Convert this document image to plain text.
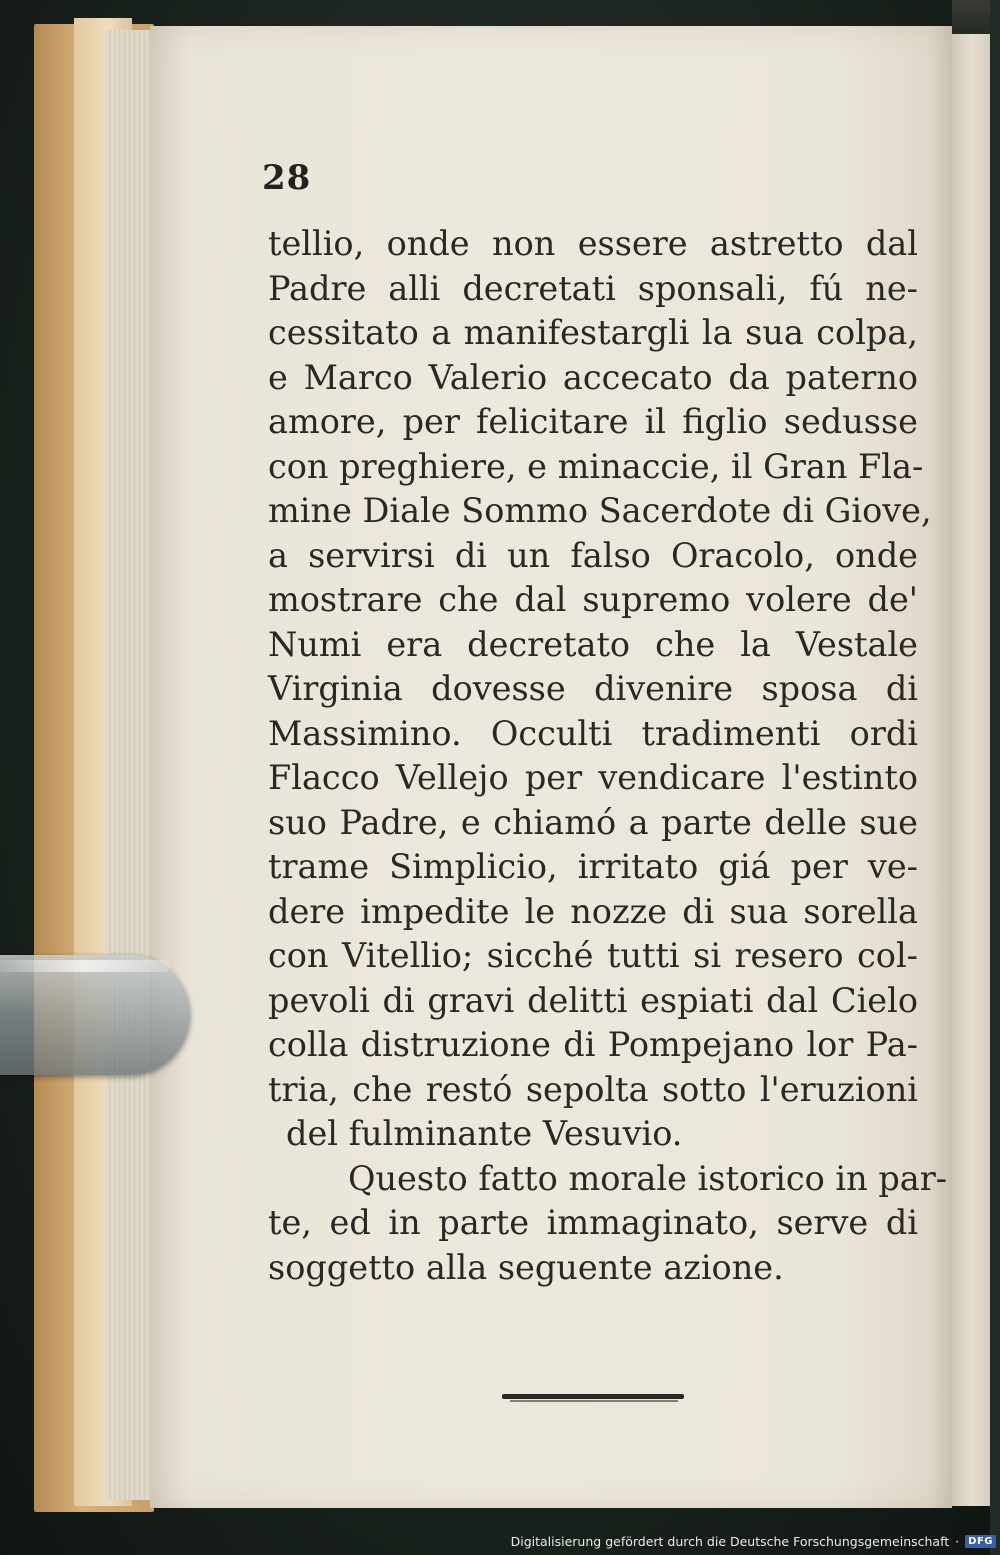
28
tellio, onde non essere astretto dal
Padre alli decretati sponsali, fú ne-
cessitato a manifestargli la sua colpa,
e Marco Valerio accecato da paterno
amore, per felicitare il figlio sedusse
con preghiere, e minaccie, il Gran Fla-
mine Diale Sommo Sacerdote di Giove,
a servirsi di un falso Oracolo, onde
mostrare che dal supremo volere de'
Numi era decretato che la Vestale
Virginia dovesse divenire sposa di
Massimino. Occulti tradimenti ordi
Flacco Vellejo per vendicare l'estinto
suo Padre, e chiamó a parte delle sue
trame Simplicio, irritato giá per ve-
dere impedite le nozze di sua sorella
con Vitellio; sicché tutti si resero col-
pevoli di gravi delitti espiati dal Cielo
colla distruzione di Pompejano lor Pa-
tria, che restó sepolta sotto l'eruzioni
del fulminante Vesuvio.
Questo fatto morale istorico in par-
te, ed in parte immaginato, serve di
soggetto alla seguente azione.
Digitalisierung gefördert durch die Deutsche Forschungsgemeinschaft · DFG
